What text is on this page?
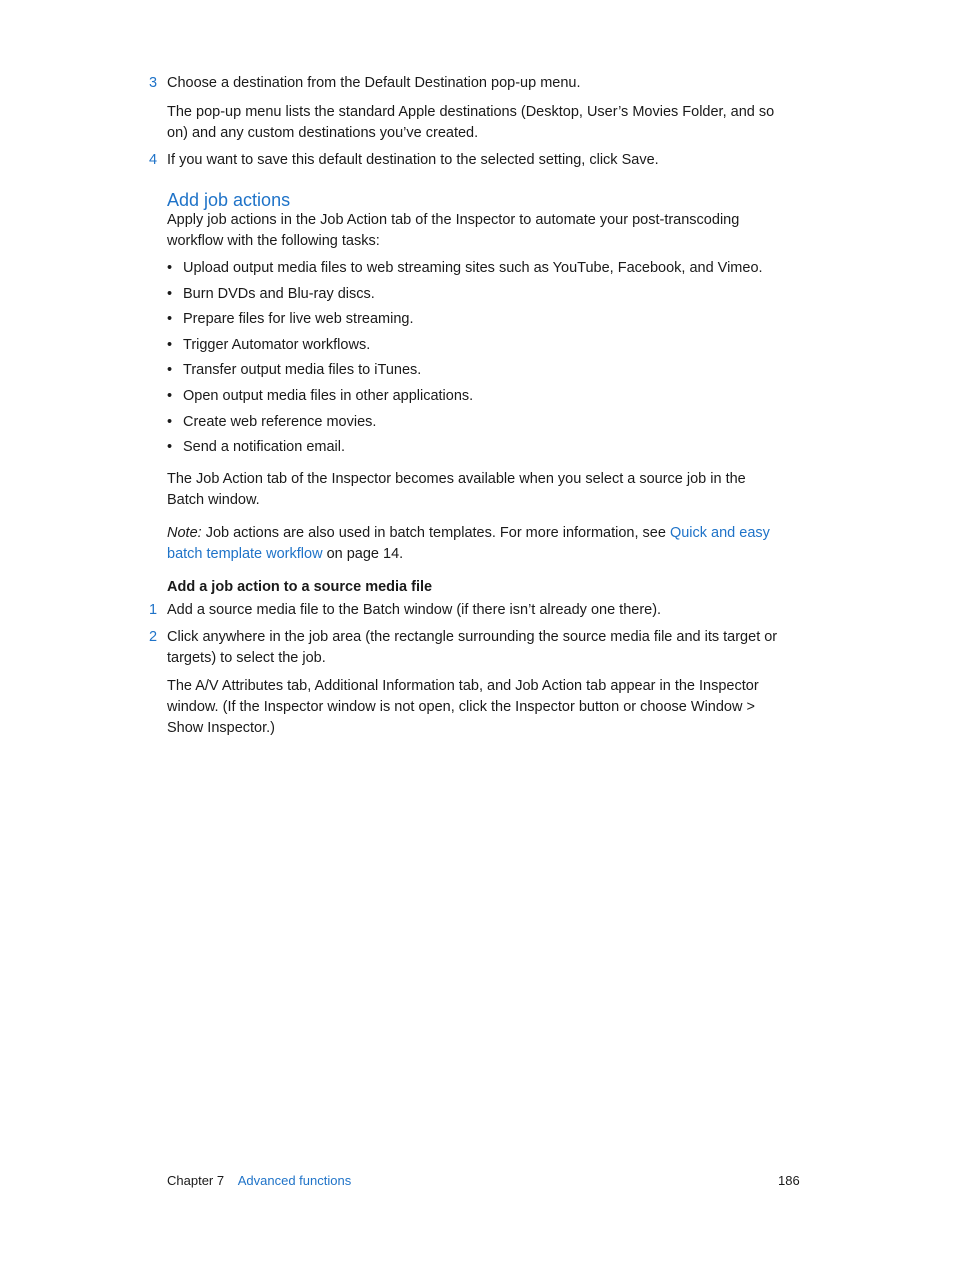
3 Choose a destination from the Default Destination pop-up menu.

The pop-up menu lists the standard Apple destinations (Desktop, User’s Movies Folder, and so on) and any custom destinations you’ve created.

4 If you want to save this default destination to the selected setting, click Save.

Add job actions

Apply job actions in the Job Action tab of the Inspector to automate your post-transcoding workflow with the following tasks:

• Upload output media files to web streaming sites such as YouTube, Facebook, and Vimeo.
• Burn DVDs and Blu-ray discs.
• Prepare files for live web streaming.
• Trigger Automator workflows.
• Transfer output media files to iTunes.
• Open output media files in other applications.
• Create web reference movies.
• Send a notification email.

The Job Action tab of the Inspector becomes available when you select a source job in the Batch window.

Note: Job actions are also used in batch templates. For more information, see Quick and easy batch template workflow on page 14.

Add a job action to a source media file
1 Add a source media file to the Batch window (if there isn’t already one there).

2 Click anywhere in the job area (the rectangle surrounding the source media file and its target or targets) to select the job.

The A/V Attributes tab, Additional Information tab, and Job Action tab appear in the Inspector window. (If the Inspector window is not open, click the Inspector button or choose Window > Show Inspector.)

Chapter 7 Advanced functions	186
